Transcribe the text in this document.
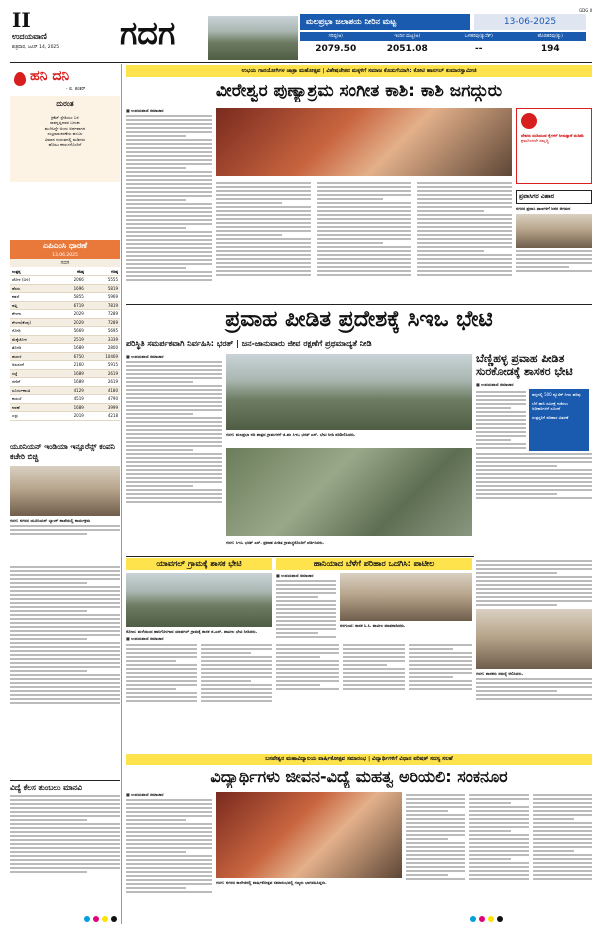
II
ಉದಯವಾಣಿ
ಶುಕ್ರವಾರ, ಜೂನ್ 14, 2025 ಗದಗ
GDG II
ಮಲಪ್ರಭಾ ಜಲಾಶಯ ನೀರಿನ ಮಟ್ಟ	13-06-2025
ಗರಿಷ್ಠ(ಅ)	ಇಂದಿನ ಮಟ್ಟ(ಅ)	ಒಳಹರಿವು(ಕ್ಯುಸೆಕ್)	ಹೊರಹರಿವು(ಕ್ಯು)
2079.50	2051.08	--	194
ಹನಿ ದನಿ
- ಬಿ. ಶಂಕರ್
ದುರಂತ
ಕ್ರಿಕೆಟ್ ಸ್ಟೇಡಿಯಂ ಬಳಿ
ಸಾವನ್ನಪ್ಪಿದವರ ಬದುಕು
ಮುಗಿಸಿದ್ದೇ ಅಂದು ಅರ್ಥವಾಗದ
ಸಂಭ್ರಮಾಚರಣೆಯ ಹಂಬಲ
ವಿಮಾನ ದುರಂತದಲ್ಲಿ ಮಡಿದರು
ಹೊರಟ ಕನಸುಗಳೊಂದಿಗೆ
ಎಪಿಎಂಸಿ ಧಾರಣೆ
13.06.2025
ಗದಗ
ಉತ್ಪನ್ನ	ಕನಿಷ್ಠ	ಗರಿಷ್ಠ
ಜೋಳ (ಬಿಳಿ)	2066	5555
ಹೆಸರು	1696	5819
ಕಡಲೆ	5855	5969
ಹತ್ತಿ	6719	7819
ಶೇಂಗಾ	2029	7289
ಶೇಂಗಾ(ಕೆಂಪು)	2029	7289
ಗೋಧಿ	5669	5695
ಮೆಕ್ಕೆಜೋಳ	2519	3339
ತೊಗರಿ	1689	2800
ಹುರುಳಿ	6750	10469
ಅಲಸಂದೆ	2160	5915
ಸಜ್ಜೆ	1689	2619
ಜೀರಿಗೆ	1689	2619
ಸೂರ್ಯಕಾಂತಿ	4129	4180
ಕುಸುಬೆ	4519	4790
ನವಣೆ	1689	3999
ಎಳ್ಳು	2019	4218
ಯೂನಿಯನ್ ಇಂಡಿಯಾ ಇನ್ಸೂರೆನ್ಸ್ ಕಂಪನಿ ಕಚೇರಿ ಬಿಚ್ಚಿ
ಗದಗ: ನಗರದ ಯೂನಿಯನ್ ಬ್ಯಾಂಕ್ ಶಾಖೆಯಲ್ಲಿ ಕಾರ್ಯಕ್ರಮ
ವಿದ್ಯೆ ಕೆಲಸ ತುಂಬಲು ಮಾನವಿ
ಉಭಯ ಗಾನಯೋಗಿಗಳ ಜಾತ್ರಾ ಮಹೋತ್ಸವ | ವಿಶೇಷಚೇತನ ಮಕ್ಕಳಿಗೆ ಸಮಾಜ ಕೊಡುಗೆಯಾಗಿ: ಕೋಟಿ ಹಾನಗಲ್ ಕುಮಾರಸ್ವಾಮೀಜಿ
ವೀರೇಶ್ವರ ಪುಣ್ಯಾಶ್ರಮ ಸಂಗೀತ ಕಾಶಿ: ಕಾಶಿ ಜಗದ್ಗುರು
■ ಉದಯವಾಣಿ ಸಮಾಚಾರ
ದೇವರು ದುಡಿಯುವ ಕೈಗಳಿಗೆ ನೀಡುತ್ತಾನೆ ದುಡಿಮೆ
ಶ್ರಮದಿಂದಲೇ ಸಮೃದ್ಧಿ
ಪ್ರವಾಸಿಗರ ವಿಹಾರ
ನಗರದ ಪ್ರವಾಸಿ ತಾಣಗಳಿಗೆ ಜನರ ಆಗಮನ
ಪ್ರವಾಹ ಪೀಡಿತ ಪ್ರದೇಶಕ್ಕೆ ಸಿಇಒ ಭೇಟಿ
ಪರಿಸ್ಥಿತಿ ಸಮರ್ಪಕವಾಗಿ ನಿರ್ವಹಿಸಿ: ಭರತ್ | ಜನ-ಜಾನುವಾರು ಜೀವ ರಕ್ಷಣೆಗೆ ಪ್ರಥಮಾದ್ಯತೆ ನೀಡಿ
■ ಉದಯವಾಣಿ ಸಮಾಚಾರ
ಗದಗ: ಮಲಪ್ರಭಾ ನದಿ ಪಾತ್ರದ ಗ್ರಾಮಗಳಿಗೆ ಜಿ.ಪಂ ಸಿಇಒ ಭರತ್ ಎಸ್. ಭೇಟಿ ನೀಡಿ ಪರಿಶೀಲಿಸಿದರು.
ಗದಗ: ಸಿಇಒ ಭರತ್ ಎಸ್. ಪ್ರವಾಹ ಪೀಡಿತ ಗ್ರಾಮಸ್ಥರೊಂದಿಗೆ ಚರ್ಚಿಸಿದರು.
ಬೆಣ್ಣಿಹಳ್ಳ ಪ್ರವಾಹ ಪೀಡಿತ ಸುರಕೋಡಕ್ಕೆ ಶಾಸಕರ ಭೇಟಿ
■ ಉದಯವಾಣಿ ಸಮಾಚಾರ
ಹಳ್ಳದಲ್ಲಿ 500 ಕ್ಯೂಸೆಕ್ ನೀರು ಹರಿವು
ಬೆಳೆ ಹಾನಿ ಸಮೀಕ್ಷೆ ನಡೆಸಲು ಅಧಿಕಾರಿಗಳಿಗೆ ಸೂಚನೆ
ಸಂತ್ರಸ್ತರಿಗೆ ಪರಿಹಾರ ವಿತರಣೆ
ಯಾವಗಲ್ ಗ್ರಾಮಕ್ಕೆ ಶಾಸಕ ಭೇಟಿ
ರೋಣ: ಮಳೆಯಿಂದ ಹಾನಿಗೊಳಗಾದ ಯಾವಗಲ್ ಗ್ರಾಮಕ್ಕೆ ಶಾಸಕ ಜಿ.ಎಸ್. ಪಾಟೀಲ ಭೇಟಿ ನೀಡಿದರು.
■ ಉದಯವಾಣಿ ಸಮಾಚಾರ
ಹಾನಿಯಾದ ಬೆಳೆಗೆ ಪರಿಹಾರ ಒದಗಿಸಿ: ಪಾಟೀಲ
■ ಉದಯವಾಣಿ ಸಮಾಚಾರ
ನರಗುಂದ: ಶಾಸಕ ಸಿ.ಸಿ. ಪಾಟೀಲ ಮಾತನಾಡಿದರು.
ಗದಗ: ಶಾಸಕರು ಸಮಸ್ಯೆ ಆಲಿಸಿದರು.
ಬಸವೇಶ್ವರ ಮಹಾವಿದ್ಯಾಲಯ ವಾರ್ಷಿಕೋತ್ಸವ ಸಮಾರಂಭ | ವಿದ್ಯಾರ್ಥಿಗಳಿಗೆ ವಿಧಾನ ಪರಿಷತ್ ಸದಸ್ಯ ಸಲಹೆ
ವಿದ್ಯಾರ್ಥಿಗಳು ಜೀವನ-ವಿದ್ಯೆ ಮಹತ್ವ ಅರಿಯಲಿ: ಸಂಕನೂರ
■ ಉದಯವಾಣಿ ಸಮಾಚಾರ
ಗದಗ: ನಗರದ ಕಾಲೇಜಿನಲ್ಲಿ ವಾರ್ಷಿಕೋತ್ಸವ ಸಮಾರಂಭದಲ್ಲಿ ಗಣ್ಯರು ಭಾಗವಹಿಸಿದ್ದರು.
